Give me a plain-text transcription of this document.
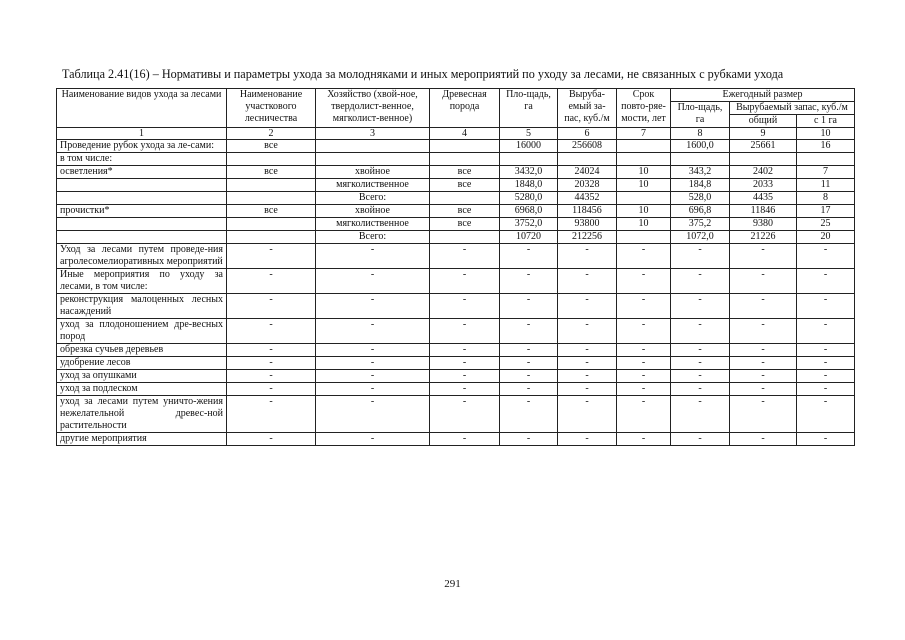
Таблица 2.41(16) – Нормативы и параметры ухода за молодняками и иных мероприятий по уходу за лесами, не связанных с рубками ухода
Наименование видов ухода за лесами	Наименование участкового лесничества	Хозяйство (хвой-ное, твердолист-венное, мягколист-венное)	Древесная порода	Пло-щадь, га	Выруба-емый за-пас, куб./м	Срок повто-ряе-мости, лет	Ежегодный размер		
							Пло-щадь, га	Вырубаемый запас, куб./м	
								общий	с 1 га
1	2	3	4	5	6	7	8	9	10
Проведение рубок ухода за ле-сами:	все			16000	256608		1600,0	25661	16
в том числе:									
осветления*	все	хвойное	все	3432,0	24024	10	343,2	2402	7
		мягколиственное	все	1848,0	20328	10	184,8	2033	11
		Всего:		5280,0	44352		528,0	4435	8
прочистки*	все	хвойное	все	6968,0	118456	10	696,8	11846	17
		мягколиственное	все	3752,0	93800	10	375,2	9380	25
		Всего:		10720	212256		1072,0	21226	20
Уход за лесами путем проведе-ния агролесомелиоративных мероприятий	-	-	-	-	-	-	-	-	-
Иные мероприятия по уходу за лесами, в том числе:	-	-	-	-	-	-	-	-	-
реконструкция малоценных лесных насаждений	-	-	-	-	-	-	-	-	-
уход за плодоношением дре-весных пород	-	-	-	-	-	-	-	-	-
обрезка сучьев деревьев	-	-	-	-	-	-	-	-	-
удобрение лесов	-	-	-	-	-	-	-	-	-
уход за опушками	-	-	-	-	-	-	-	-	-
уход за подлеском	-	-	-	-	-	-	-	-	-
уход за лесами путем уничто-жения нежелательной древес-ной растительности	-	-	-	-	-	-	-	-	-
другие мероприятия	-	-	-	-	-	-	-	-	-
291
